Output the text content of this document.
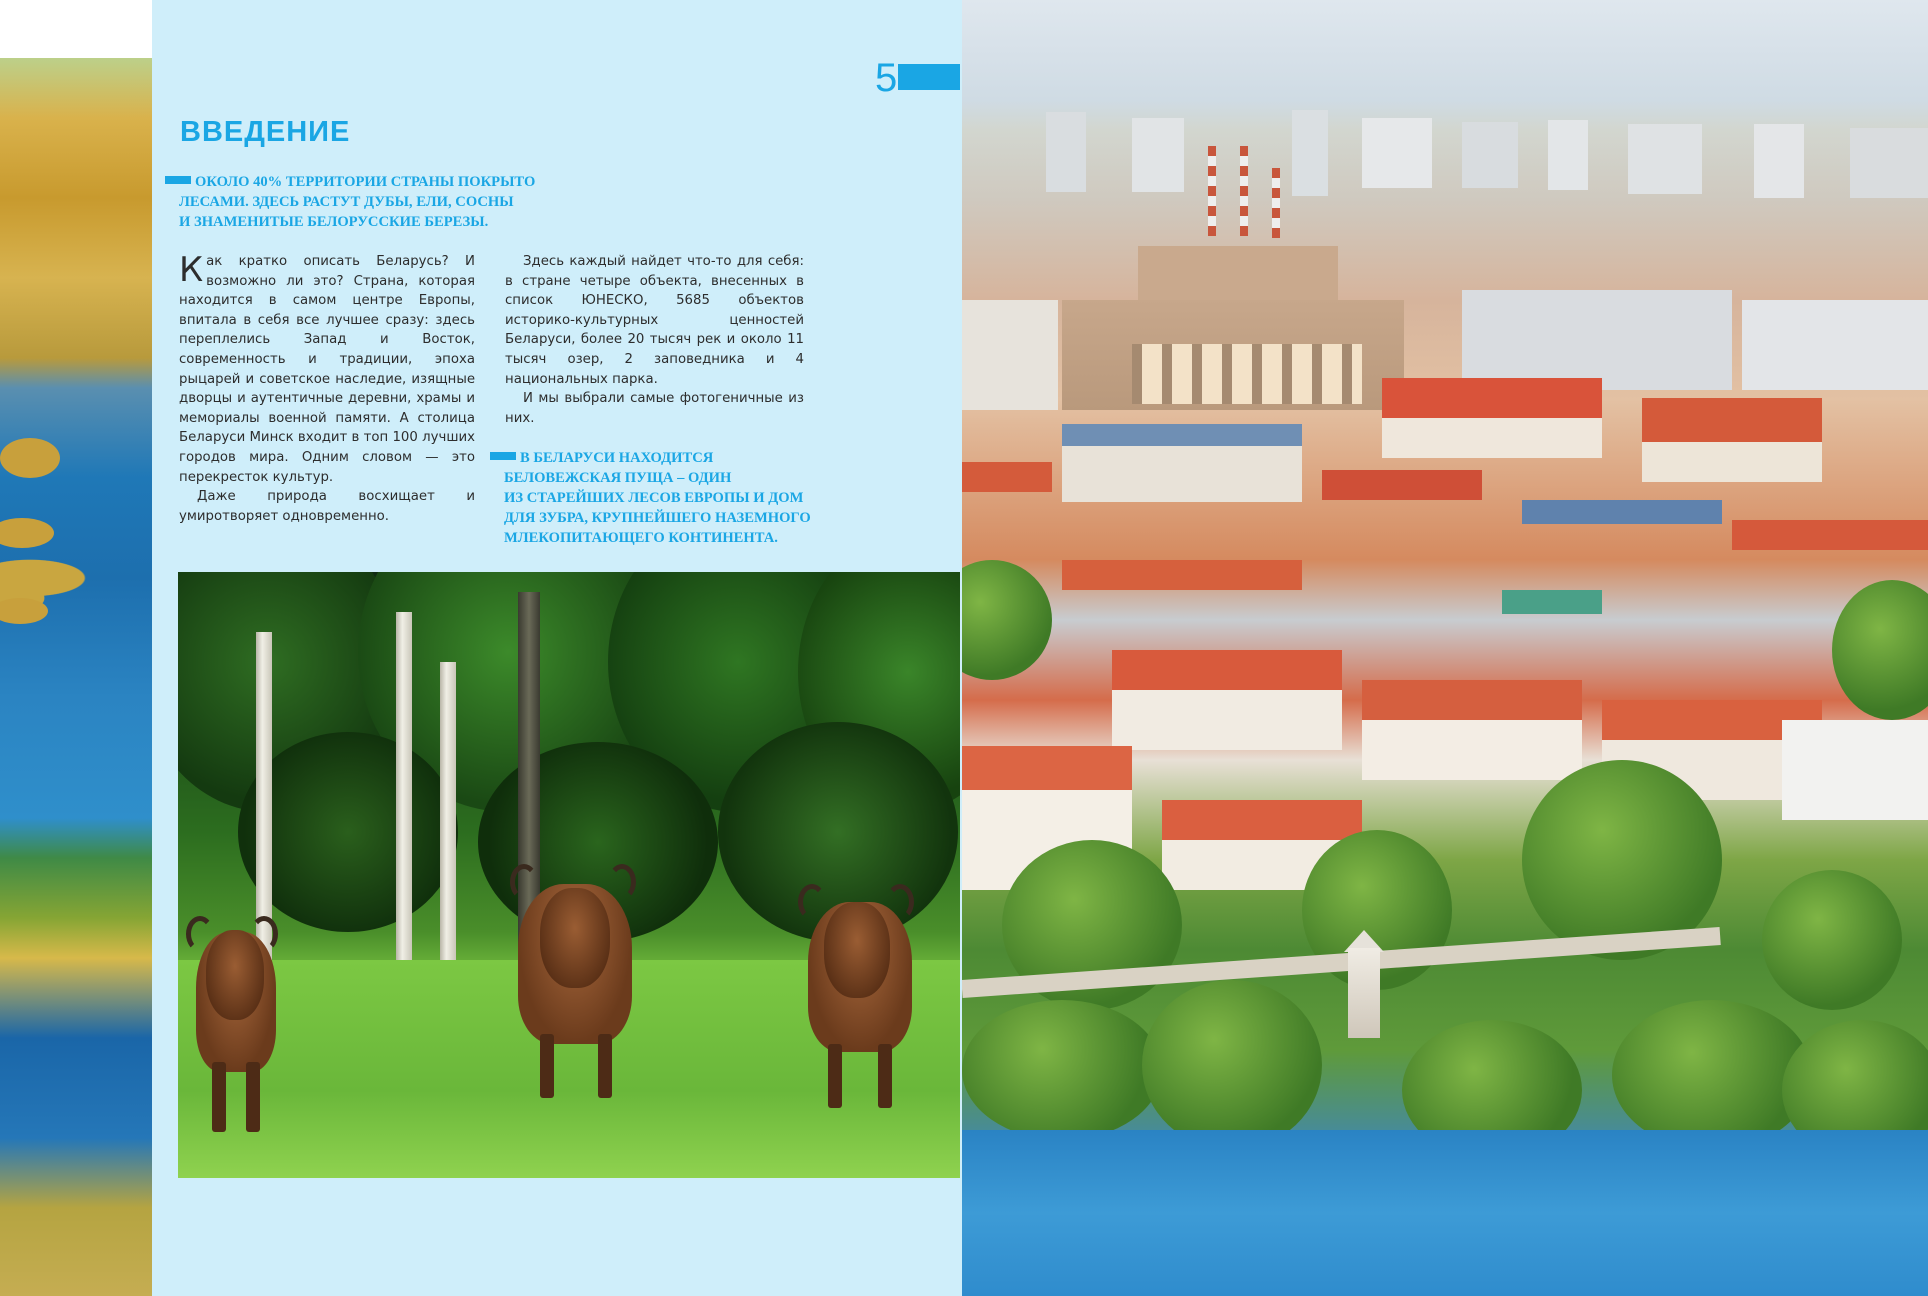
5
ВВЕДЕНИЕ
ОКОЛО 40% ТЕРРИТОРИИ СТРАНЫ ПОКРЫТО
ЛЕСАМИ. ЗДЕСЬ РАСТУТ ДУБЫ, ЕЛИ, СОСНЫ
И ЗНАМЕНИТЫЕ БЕЛОРУССКИЕ БЕРЕЗЫ.

Как кратко описать Беларусь? И возможно ли это? Страна, которая находится в самом центре Европы, впитала в себя все лучшее сразу: здесь переплелись Запад и Восток, современность и традиции, эпоха рыцарей и советское наследие, изящные дворцы и аутентичные деревни, храмы и мемориалы военной памяти. А столица Беларуси Минск входит в топ 100 лучших городов мира. Одним словом — это перекресток культур.

Даже природа восхищает и умиротворяет одновременно.

Здесь каждый найдет что-то для себя: в стране четыре объекта, внесенных в список ЮНЕСКО, 5685 объектов историко-культурных ценностей Беларуси, более 20 тысяч рек и около 11 тысяч озер, 2 заповедника и 4 национальных парка.

И мы выбрали самые фотогеничные из них.

В БЕЛАРУСИ НАХОДИТСЯ
БЕЛОВЕЖСКАЯ ПУЩА – ОДИН
ИЗ СТАРЕЙШИХ ЛЕСОВ ЕВРОПЫ И ДОМ
ДЛЯ ЗУБРА, КРУПНЕЙШЕГО НАЗЕМНОГО
МЛЕКОПИТАЮЩЕГО КОНТИНЕНТА.
